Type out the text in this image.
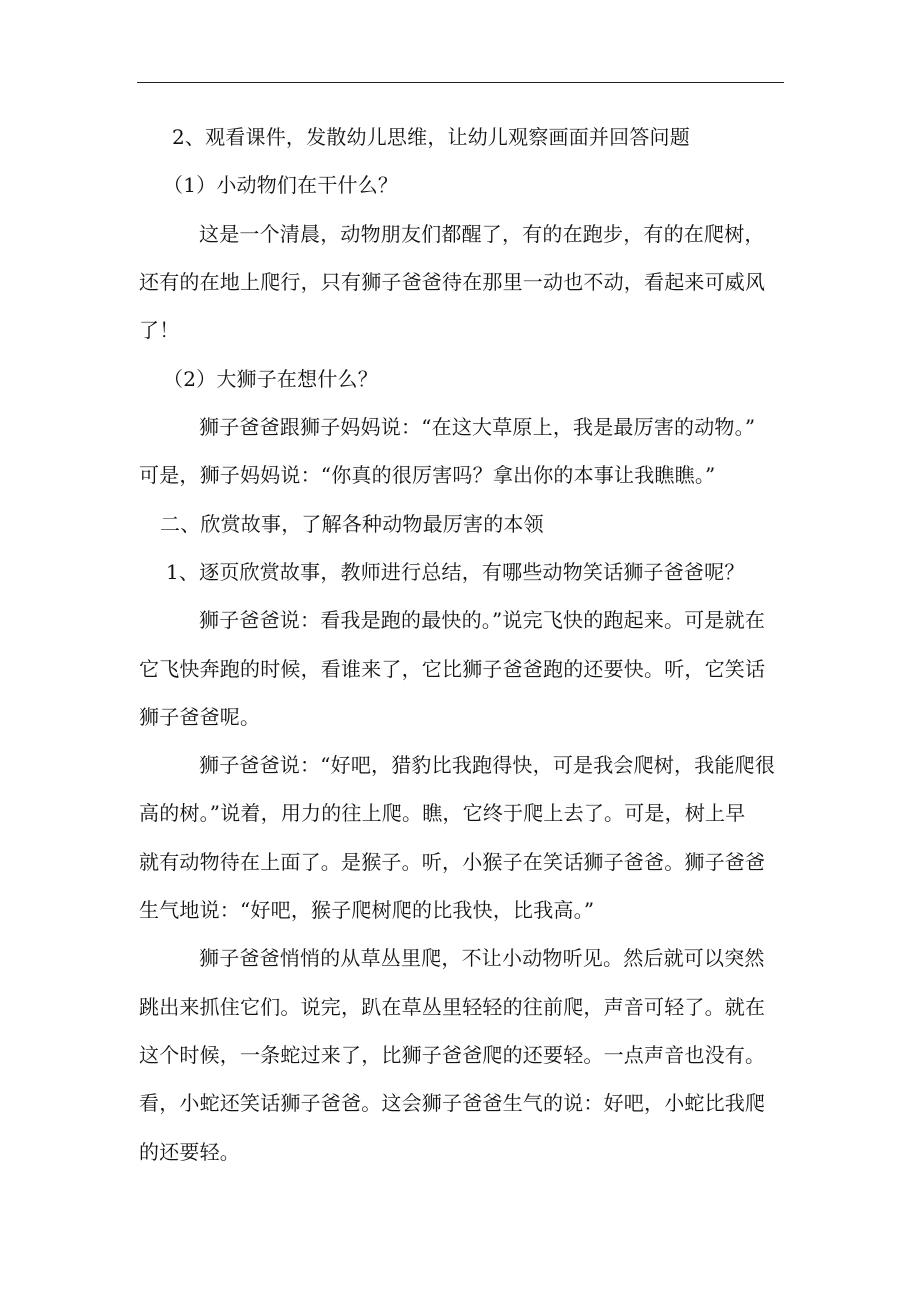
2、观看课件，发散幼儿思维，让幼儿观察画面并回答问题
（1）小动物们在干什么？
这是一个清晨，动物朋友们都醒了，有的在跑步，有的在爬树，
还有的在地上爬行，只有狮子爸爸待在那里一动也不动，看起来可威风
了！
（2）大狮子在想什么？
狮子爸爸跟狮子妈妈说：“在这大草原上，我是最厉害的动物。”
可是，狮子妈妈说：“你真的很厉害吗？拿出你的本事让我瞧瞧。”
二、欣赏故事，了解各种动物最厉害的本领
1、逐页欣赏故事，教师进行总结，有哪些动物笑话狮子爸爸呢？
狮子爸爸说：看我是跑的最快的。”说完飞快的跑起来。可是就在
它飞快奔跑的时候，看谁来了，它比狮子爸爸跑的还要快。听，它笑话
狮子爸爸呢。
狮子爸爸说：“好吧，猎豹比我跑得快，可是我会爬树，我能爬很
高的树。”说着，用力的往上爬。瞧，它终于爬上去了。可是，树上早
就有动物待在上面了。是猴子。听，小猴子在笑话狮子爸爸。狮子爸爸
生气地说：“好吧，猴子爬树爬的比我快，比我高。”
狮子爸爸悄悄的从草丛里爬，不让小动物听见。然后就可以突然
跳出来抓住它们。说完，趴在草丛里轻轻的往前爬，声音可轻了。就在
这个时候，一条蛇过来了，比狮子爸爸爬的还要轻。一点声音也没有。
看，小蛇还笑话狮子爸爸。这会狮子爸爸生气的说：好吧，小蛇比我爬
的还要轻。
